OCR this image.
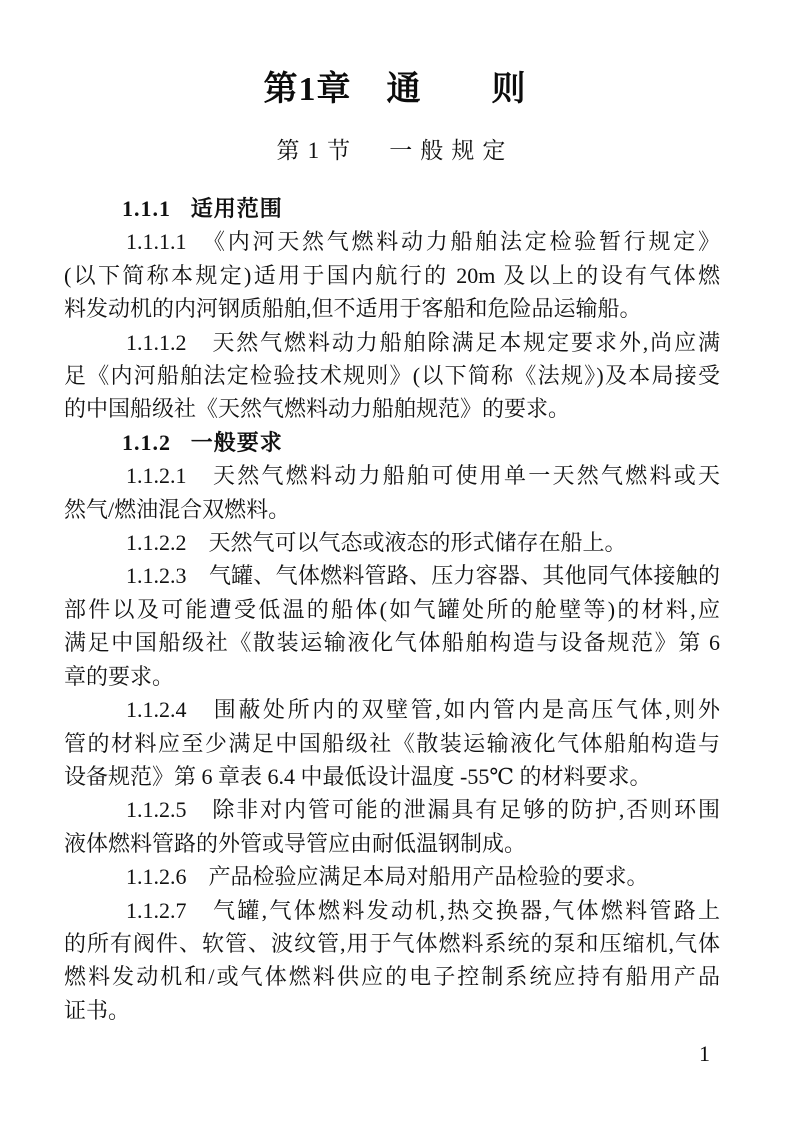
第1章　通　　则
第1节　一般规定
1.1.1 适用范围
1.1.1.1　《内河天然气燃料动力船舶法定检验暂行规定》
(以下简称本规定)适用于国内航行的 20m 及以上的设有气体燃
料发动机的内河钢质船舶,但不适用于客船和危险品运输船。
1.1.1.2　天然气燃料动力船舶除满足本规定要求外,尚应满
足《内河船舶法定检验技术规则》(以下简称《法规》)及本局接受
的中国船级社《天然气燃料动力船舶规范》的要求。
1.1.2 一般要求
1.1.2.1　天然气燃料动力船舶可使用单一天然气燃料或天
然气/燃油混合双燃料。
1.1.2.2　天然气可以气态或液态的形式储存在船上。
1.1.2.3　气罐、气体燃料管路、压力容器、其他同气体接触的
部件以及可能遭受低温的船体(如气罐处所的舱壁等)的材料,应
满足中国船级社《散装运输液化气体船舶构造与设备规范》第 6
章的要求。
1.1.2.4　围蔽处所内的双壁管,如内管内是高压气体,则外
管的材料应至少满足中国船级社《散装运输液化气体船舶构造与
设备规范》第 6 章表 6.4 中最低设计温度 -55℃ 的材料要求。
1.1.2.5　除非对内管可能的泄漏具有足够的防护,否则环围
液体燃料管路的外管或导管应由耐低温钢制成。
1.1.2.6　产品检验应满足本局对船用产品检验的要求。
1.1.2.7　气罐,气体燃料发动机,热交换器,气体燃料管路上
的所有阀件、软管、波纹管,用于气体燃料系统的泵和压缩机,气体
燃料发动机和/或气体燃料供应的电子控制系统应持有船用产品
证书。
1
